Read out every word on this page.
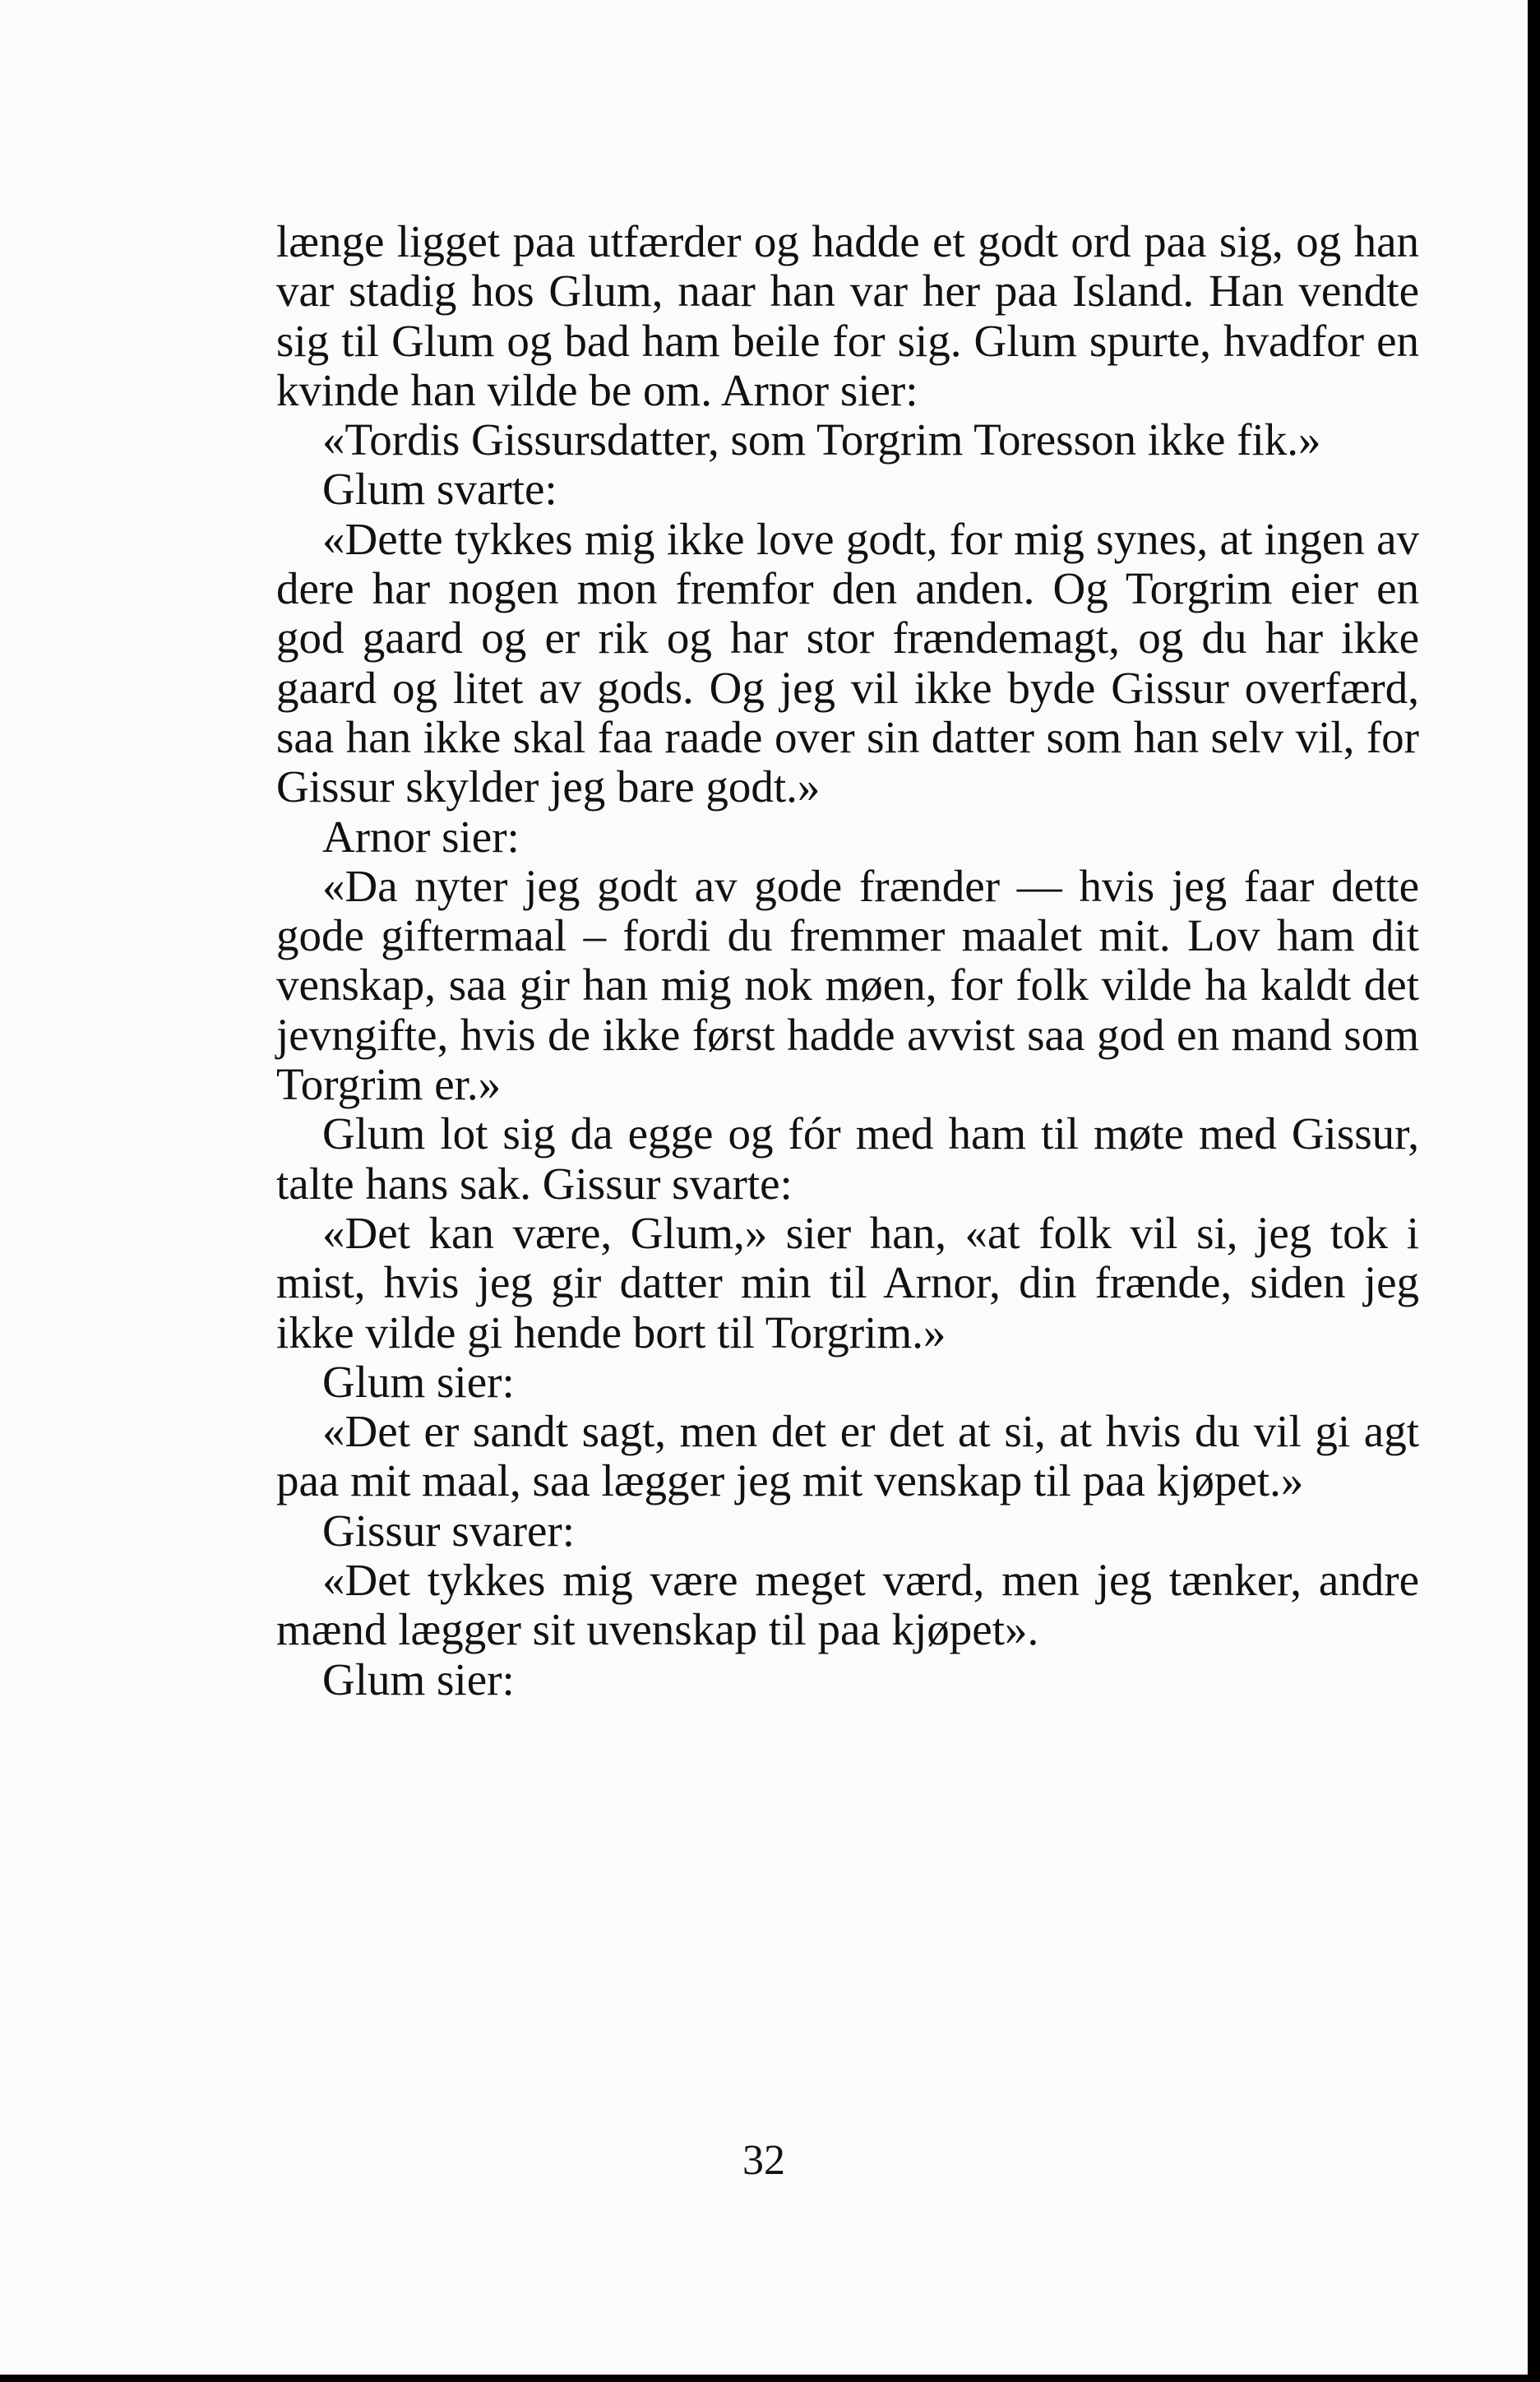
længe ligget paa utfærder og hadde et godt ord paa sig, og han var stadig hos Glum, naar han var her paa Island. Han vendte sig til Glum og bad ham beile for sig. Glum spurte, hvadfor en kvinde han vilde be om. Arnor sier:

«Tordis Gissursdatter, som Torgrim Toresson ikke fik.»

Glum svarte:

«Dette tykkes mig ikke love godt, for mig synes, at ingen av dere har nogen mon fremfor den anden. Og Torgrim eier en god gaard og er rik og har stor frændemagt, og du har ikke gaard og litet av gods. Og jeg vil ikke byde Gissur overfærd, saa han ikke skal faa raade over sin datter som han selv vil, for Gissur skylder jeg bare godt.»

Arnor sier:

«Da nyter jeg godt av gode frænder — hvis jeg faar dette gode giftermaal – fordi du fremmer maalet mit. Lov ham dit venskap, saa gir han mig nok møen, for folk vilde ha kaldt det jevngifte, hvis de ikke først hadde avvist saa god en mand som Torgrim er.»

Glum lot sig da egge og fór med ham til møte med Gissur, talte hans sak. Gissur svarte:

«Det kan være, Glum,» sier han, «at folk vil si, jeg tok i mist, hvis jeg gir datter min til Arnor, din frænde, siden jeg ikke vilde gi hende bort til Torgrim.»

Glum sier:

«Det er sandt sagt, men det er det at si, at hvis du vil gi agt paa mit maal, saa lægger jeg mit venskap til paa kjøpet.»

Gissur svarer:

«Det tykkes mig være meget værd, men jeg tænker, andre mænd lægger sit uvenskap til paa kjøpet».

Glum sier:

32
